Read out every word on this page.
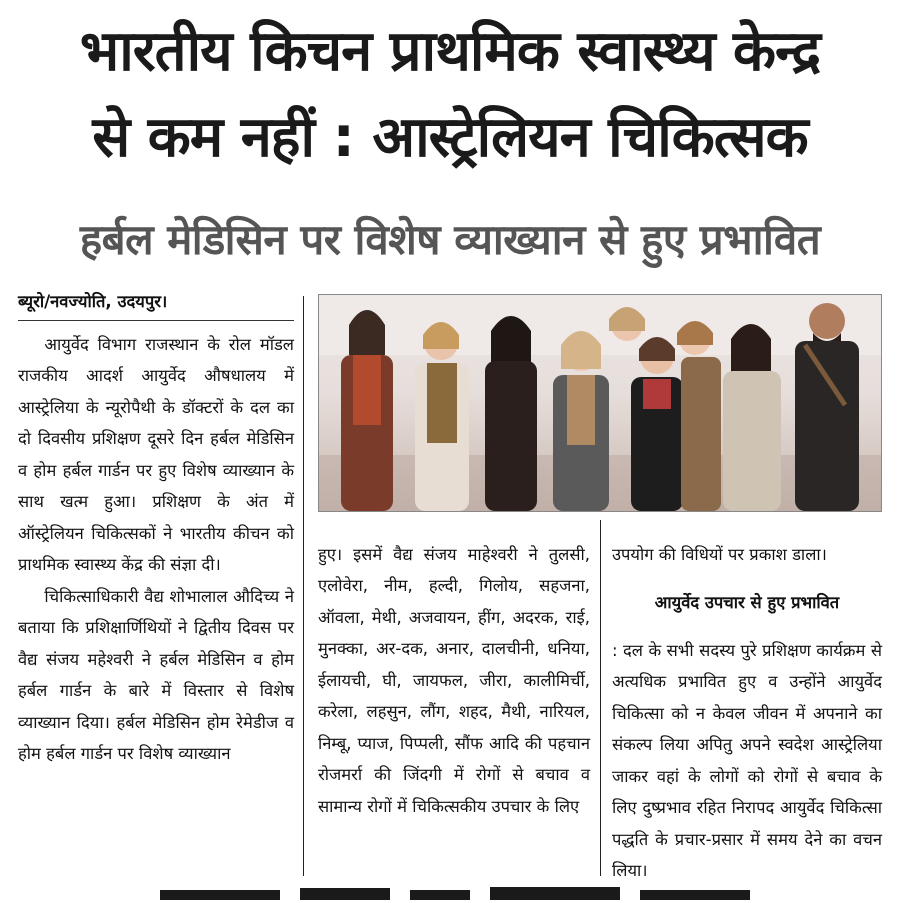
भारतीय किचन प्राथमिक स्वास्थ्य केन्द्र
से कम नहीं : आस्ट्रेलियन चिकित्सक
हर्बल मेडिसिन पर विशेष व्याख्यान से हुए प्रभावित

ब्यूरो/नवज्योति, उदयपुर।

आयुर्वेद विभाग राजस्थान के रोल मॉडल राजकीय आदर्श आयुर्वेद औषधालय में आस्ट्रेलिया के न्यूरोपैथी के डॉक्टरों के दल का दो दिवसीय प्रशिक्षण दूसरे दिन हर्बल मेडिसिन व होम हर्बल गार्डन पर हुए विशेष व्याख्यान के साथ खत्म हुआ। प्रशिक्षण के अंत में ऑस्ट्रेलियन चिकित्सकों ने भारतीय कीचन को प्राथमिक स्वास्थ्य केंद्र की संज्ञा दी।

चिकित्साधिकारी वैद्य शोभालाल औदिच्य ने बताया कि प्रशिक्षार्णिथियों ने द्वितीय दिवस पर वैद्य संजय महेश्वरी ने हर्बल मेडिसिन व होम हर्बल गार्डन के बारे में विस्तार से विशेष व्याख्यान दिया। हर्बल मेडिसिन होम रेमेडीज व होम हर्बल गार्डन पर विशेष व्याख्यान

हुए। इसमें वैद्य संजय माहेश्वरी ने तुलसी, एलोवेरा, नीम, हल्दी, गिलोय, सहजना, ऑवला, मेथी, अजवायन, हींग, अदरक, राई, मुनक्का, अर-दक, अनार, दालचीनी, धनिया, ईलायची, घी, जायफल, जीरा, कालीमिर्ची, करेला, लहसुन, लौंग, शहद, मैथी, नारियल, निम्बू, प्याज, पिप्पली, सौंफ आदि की पहचान रोजमर्रा की जिंदगी में रोगों से बचाव व सामान्य रोगों में चिकित्सकीय उपचार के लिए

उपयोग की विधियों पर प्रकाश डाला।

आयुर्वेद उपचार से हुए प्रभावित

: दल के सभी सदस्य पुरे प्रशिक्षण कार्यक्रम से अत्यधिक प्रभावित हुए व उन्होंने आयुर्वेद चिकित्सा को न केवल जीवन में अपनाने का संकल्प लिया अपितु अपने स्वदेश आस्ट्रेलिया जाकर वहां के लोगों को रोगों से बचाव के लिए दुष्प्रभाव रहित निरापद आयुर्वेद चिकित्सा पद्धति के प्रचार-प्रसार में समय देने का वचन लिया।
